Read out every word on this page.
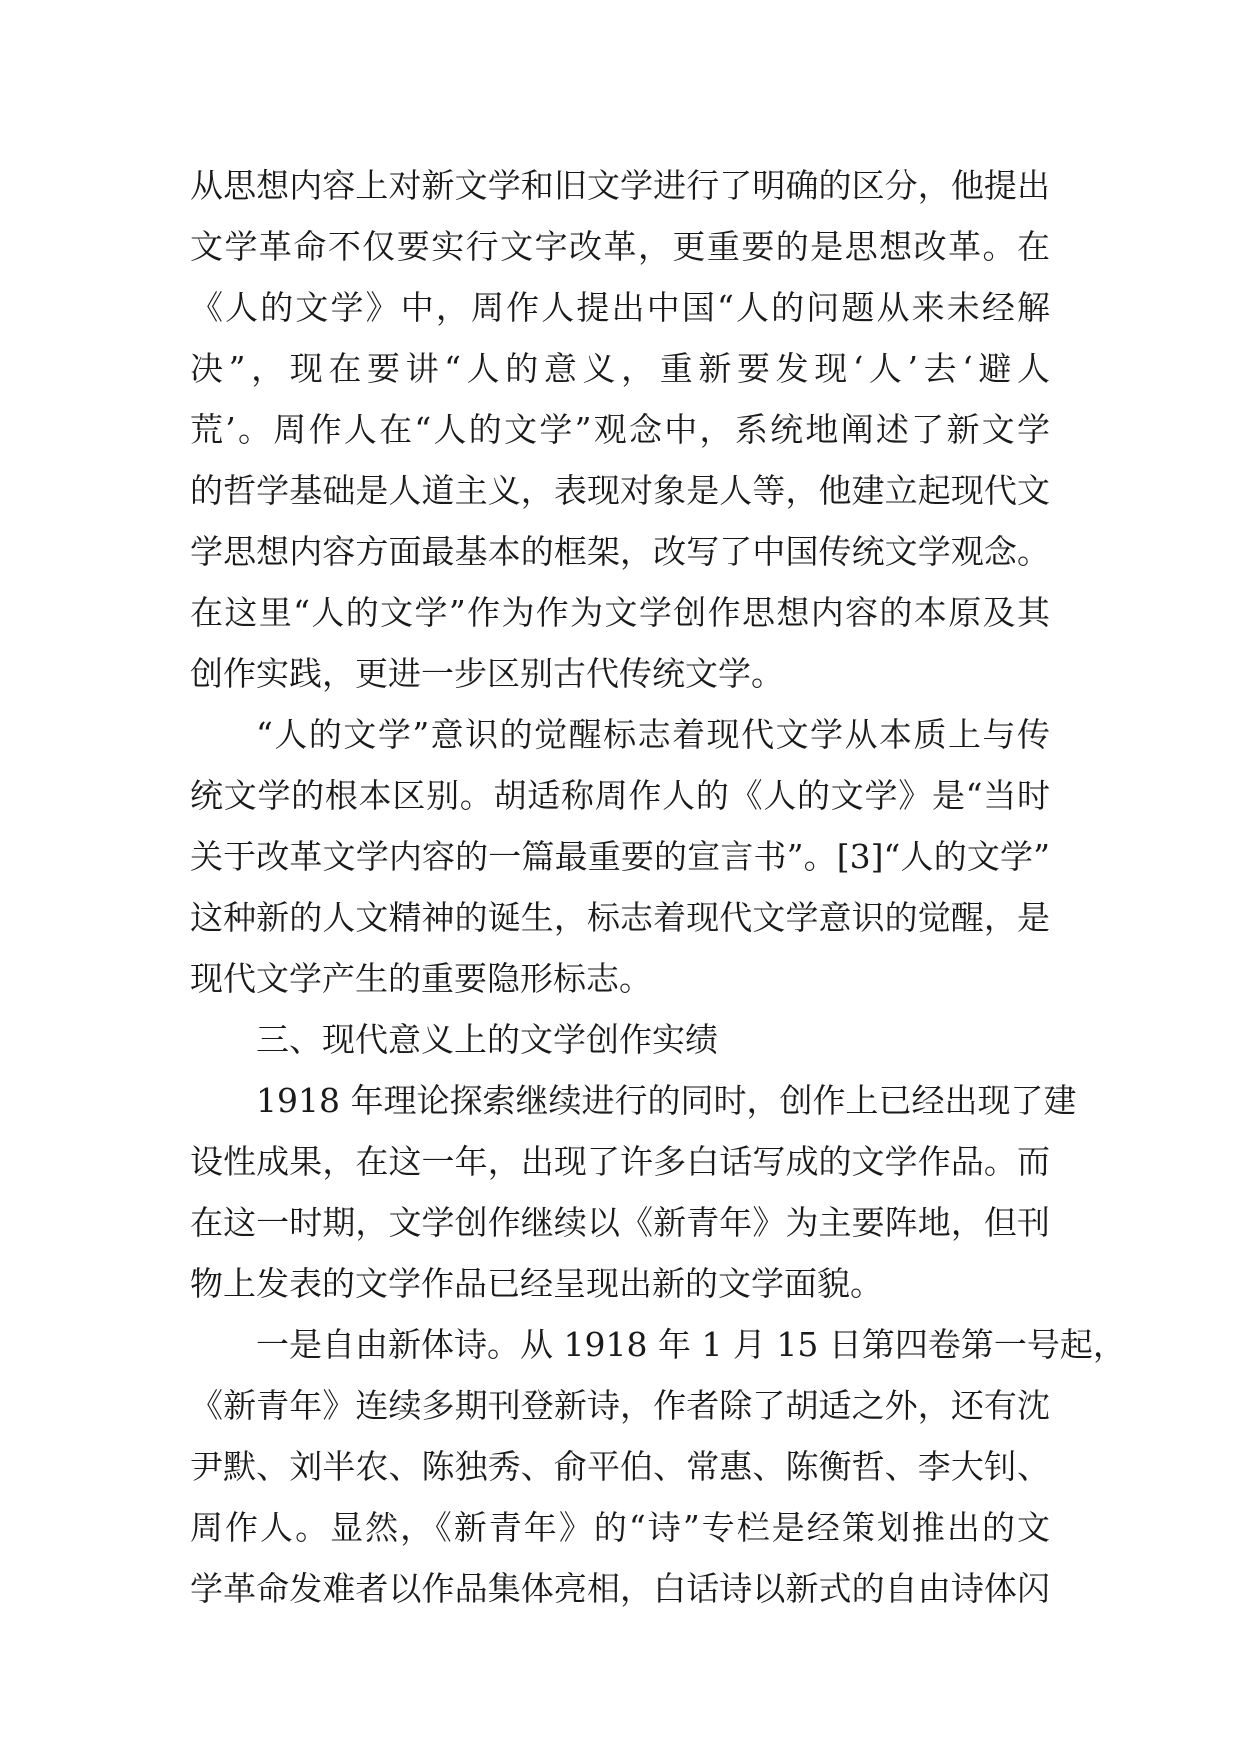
从思想内容上对新文学和旧文学进行了明确的区分，他提出
文学革命不仅要实行文字改革，更重要的是思想改革。在
《人的文学》中，周作人提出中国“人的问题从来未经解
决”，现在要讲“人的意义，重新要发现‘人’去‘避人
荒’。周作人在“人的文学”观念中，系统地阐述了新文学
的哲学基础是人道主义，表现对象是人等，他建立起现代文
学思想内容方面最基本的框架，改写了中国传统文学观念。
在这里“人的文学”作为作为文学创作思想内容的本原及其
创作实践，更进一步区别古代传统文学。
“人的文学”意识的觉醒标志着现代文学从本质上与传
统文学的根本区别。胡适称周作人的《人的文学》是“当时
关于改革文学内容的一篇最重要的宣言书”。[3]“人的文学”
这种新的人文精神的诞生，标志着现代文学意识的觉醒，是
现代文学产生的重要隐形标志。
三、现代意义上的文学创作实绩
1918 年理论探索继续进行的同时，创作上已经出现了建
设性成果，在这一年，出现了许多白话写成的文学作品。而
在这一时期，文学创作继续以《新青年》为主要阵地，但刊
物上发表的文学作品已经呈现出新的文学面貌。
一是自由新体诗。从 1918 年 1 月 15 日第四卷第一号起，
《新青年》连续多期刊登新诗，作者除了胡适之外，还有沈
尹默、刘半农、陈独秀、俞平伯、常惠、陈衡哲、李大钊、
周作人。显然，《新青年》的“诗”专栏是经策划推出的文
学革命发难者以作品集体亮相，白话诗以新式的自由诗体闪
